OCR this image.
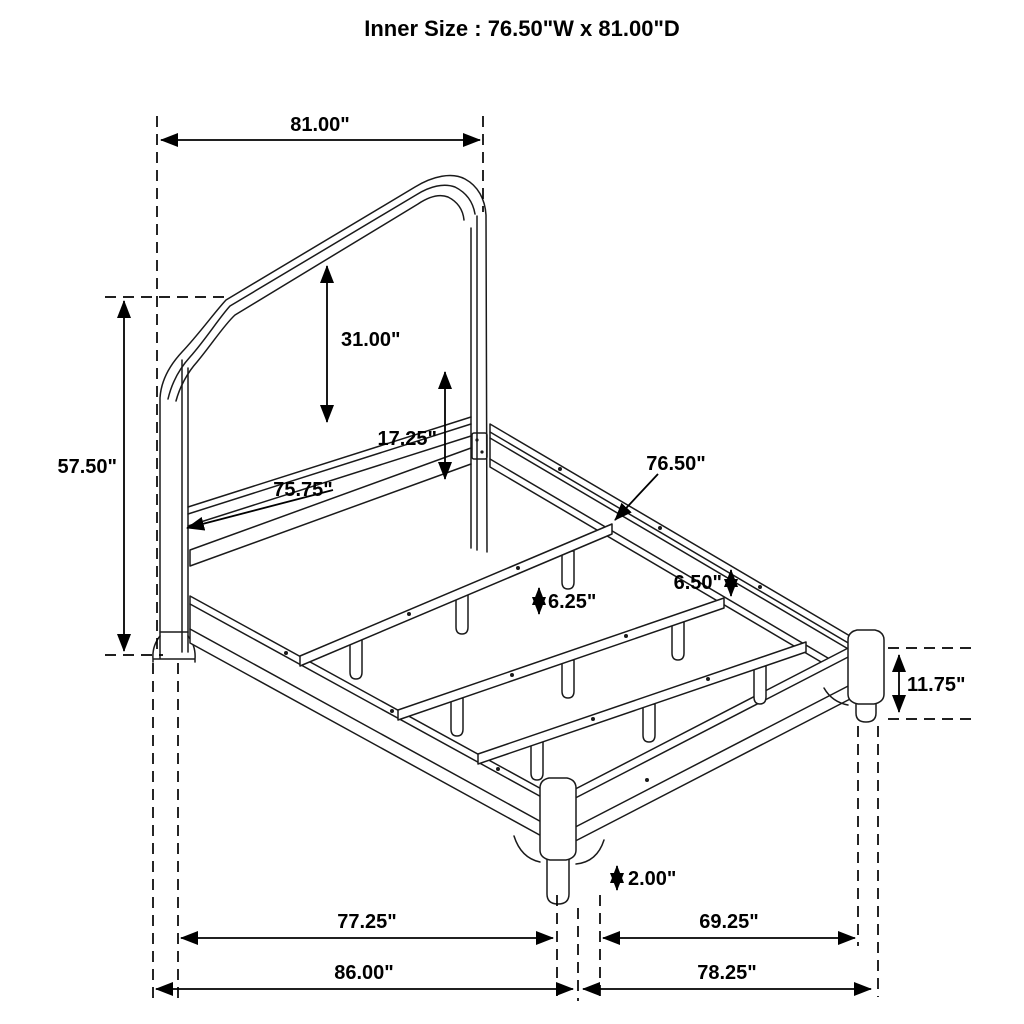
81.00"
57.50"
31.00"
17.25"
75.75"
76.50"
6.50"
6.25"
11.75"
2.00"
77.25"	69.25"
86.00"	78.25"
Inner Size : 76.50"W x 81.00"D
